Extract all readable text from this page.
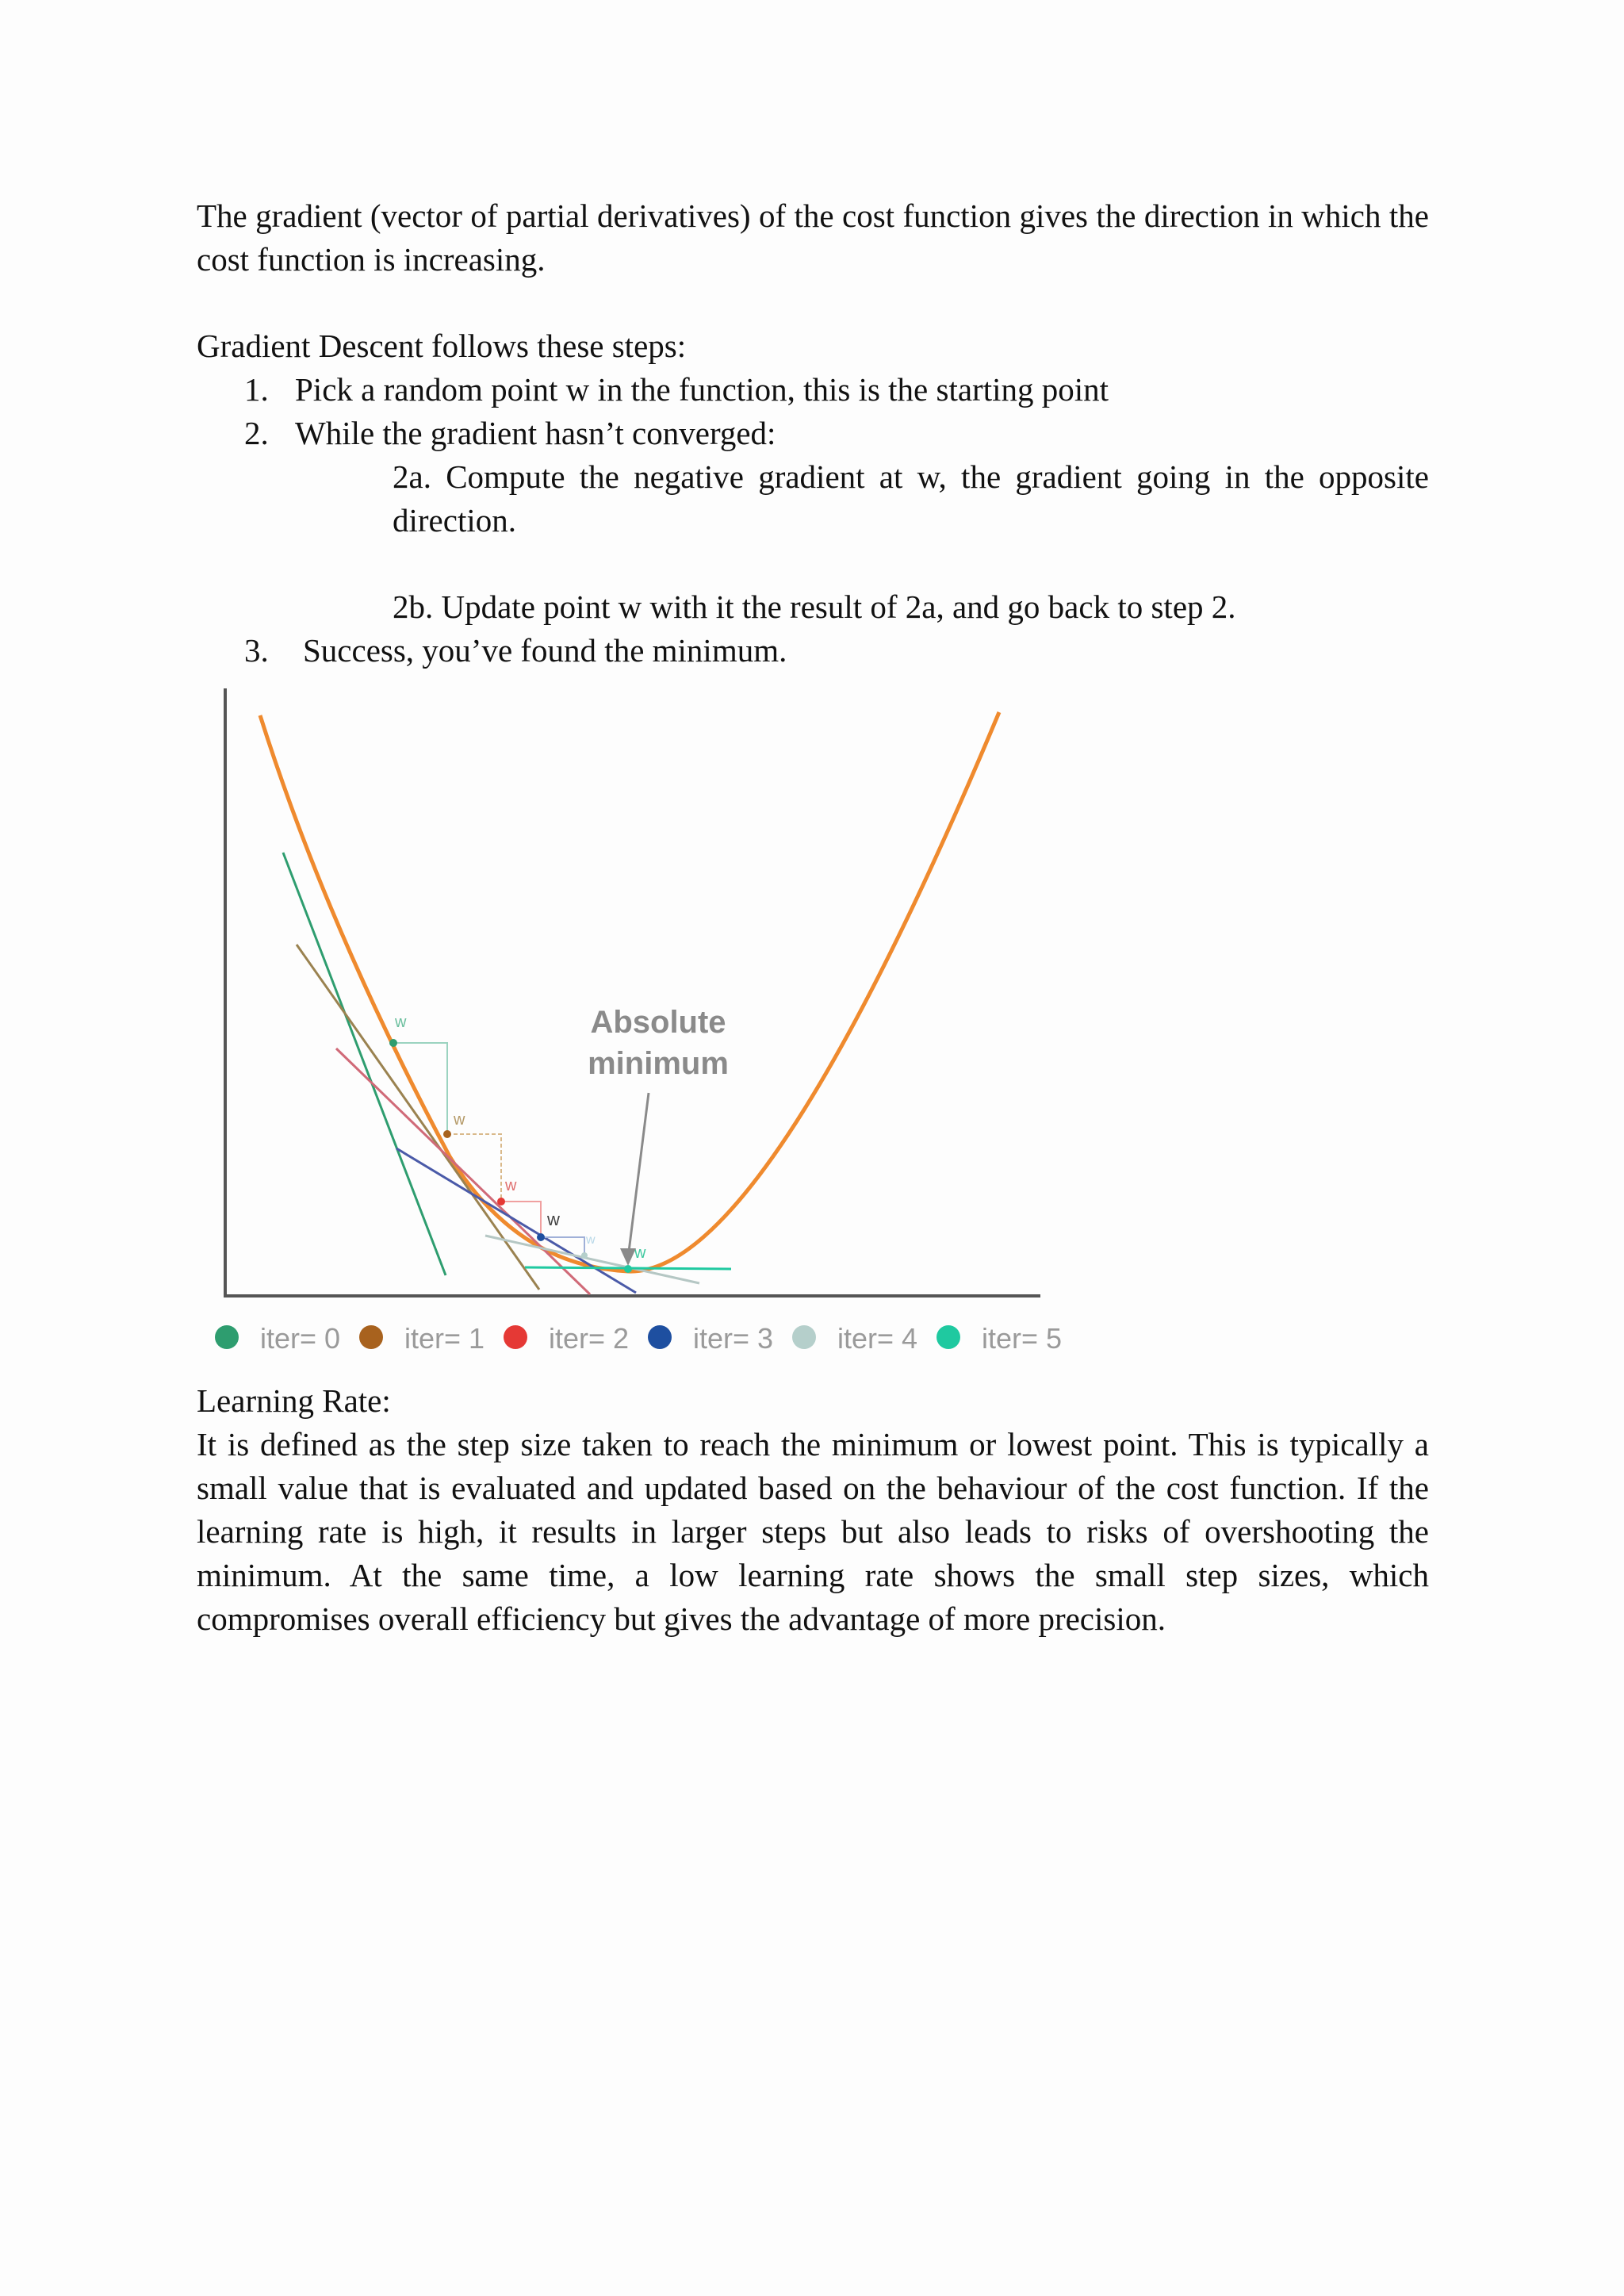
The gradient (vector of partial derivatives) of the cost function gives the direction in which the cost function is increasing.

Gradient Descent follows these steps:

1. Pick a random point w in the function, this is the starting point
2. While the gradient hasn’t converged:

2a. Compute the negative gradient at w, the gradient going in the opposite direction.

2b. Update point w with it the result of 2a, and go back to step 2.
3. Success, you’ve found the minimum.
w
w
w
w
w
w
Absolute
minimum
iter= 0 iter= 1 iter= 2 iter= 3 iter= 4 iter= 5

Learning Rate:

It is defined as the step size taken to reach the minimum or lowest point. This is typically a small value that is evaluated and updated based on the behaviour of the cost function. If the learning rate is high, it results in larger steps but also leads to risks of overshooting the minimum. At the same time, a low learning rate shows the small step sizes, which compromises overall efficiency but gives the advantage of more precision.
